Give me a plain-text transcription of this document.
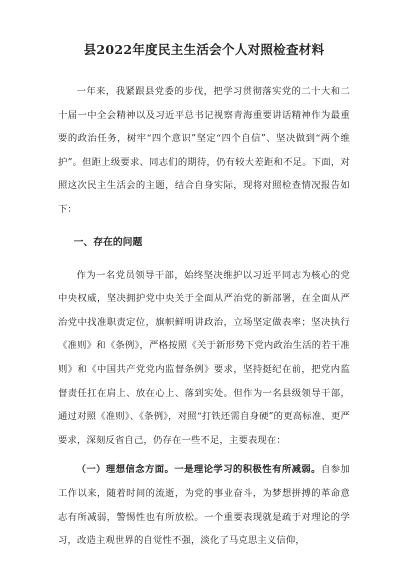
县2022年度民主生活会个人对照检查材料

一年来，我紧跟县党委的步伐，把学习贯彻落实党的二十大和二十届一中全会精神以及习近平总书记视察青海重要讲话精神作为最重要的政治任务，树牢“四个意识”坚定“四个自信”、坚决做到“两个维护”。但距上级要求、同志们的期待，仍有较大差距和不足。下面，对照这次民主生活会的主题，结合自身实际，现将对照检查情况报告如下：

一、存在的问题

作为一名党员领导干部，始终坚决维护以习近平同志为核心的党中央权威，坚决拥护党中央关于全面从严治党的新部署，在全面从严治党中找准职责定位，旗帜鲜明讲政治，立场坚定做表率；坚决执行《准则》和《条例》，严格按照《关于新形势下党内政治生活的若干准则》和《中国共产党党内监督条例》要求，坚持挺纪在前，把党内监督责任扛在肩上、放在心上、落到实处。但作为一名县级领导干部，通过对照《准则》、《条例》，对照“打铁还需自身硬”的更高标准、更严要求，深刻反省自己，仍存在一些不足，主要表现在：

（一）理想信念方面。一是理论学习的积极性有所减弱。自参加工作以来，随着时间的流逝，为党的事业奋斗，为梦想拼搏的革命意志有所减弱，警惕性也有所放松。一个重要表现就是疏于对理论的学习，改造主观世界的自觉性不强，淡化了马克思主义信仰，
